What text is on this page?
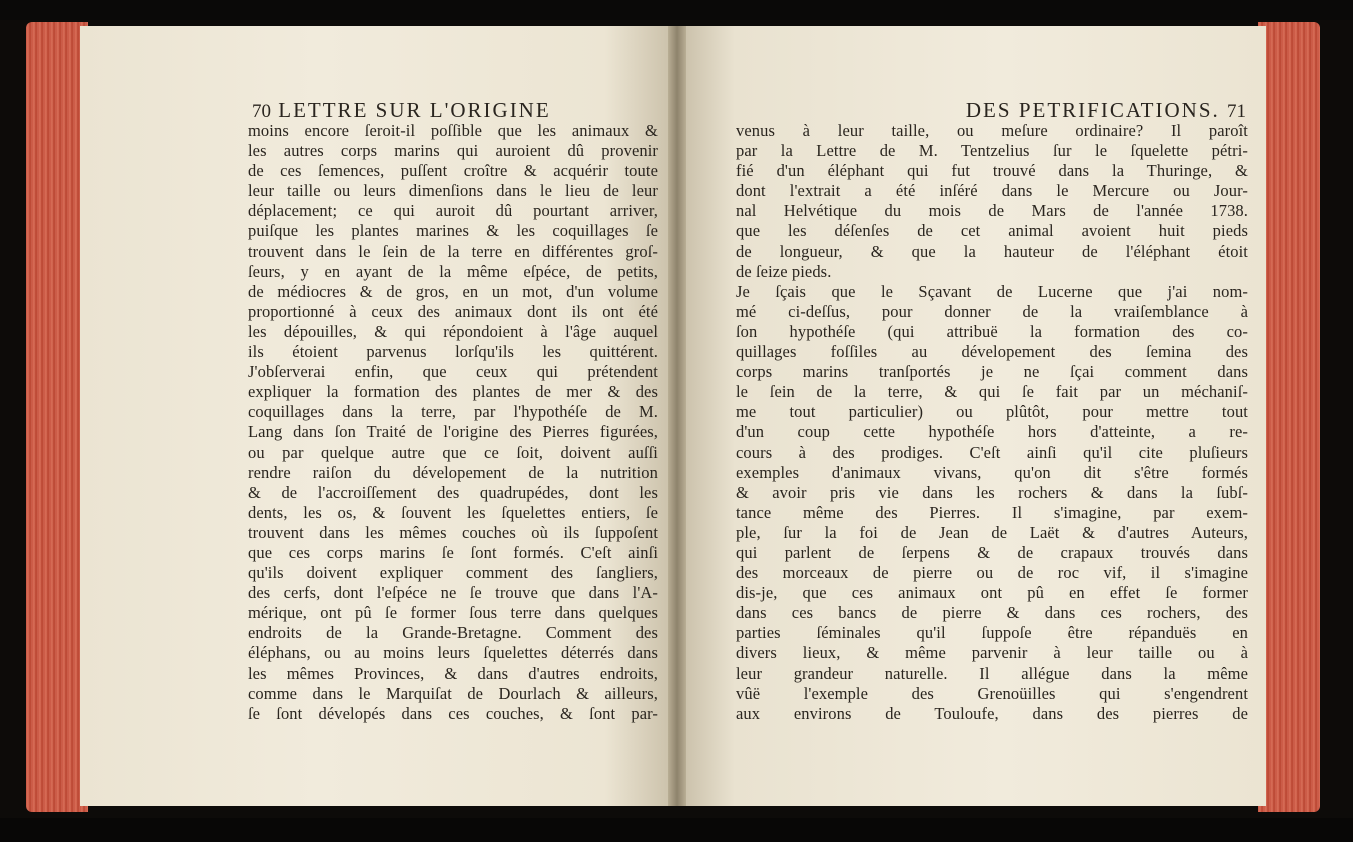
70 LETTRE SUR L'ORIGINE
moins encore ſeroit-il poſſible que les animaux &
les autres corps marins qui auroient dû provenir
de ces ſemences, puſſent croître & acquérir toute
leur taille ou leurs dimenſions dans le lieu de leur
déplacement; ce qui auroit dû pourtant arriver,
puiſque les plantes marines & les coquillages ſe
trouvent dans le ſein de la terre en différentes groſ-
ſeurs, y en ayant de la même eſpéce, de petits,
de médiocres & de gros, en un mot, d'un volume
proportionné à ceux des animaux dont ils ont été
les dépouilles, & qui répondoient à l'âge auquel
ils étoient parvenus lorſqu'ils les quittérent.
J'obſerverai enfin, que ceux qui prétendent
expliquer la formation des plantes de mer & des
coquillages dans la terre, par l'hypothéſe de M.
Lang dans ſon Traité de l'origine des Pierres figurées,
ou par quelque autre que ce ſoit, doivent auſſi
rendre raiſon du dévelopement de la nutrition
& de l'accroiſſement des quadrupédes, dont les
dents, les os, & ſouvent les ſquelettes entiers, ſe
trouvent dans les mêmes couches où ils ſuppoſent
que ces corps marins ſe ſont formés. C'eſt ainſi
qu'ils doivent expliquer comment des ſangliers,
des cerfs, dont l'eſpéce ne ſe trouve que dans l'A-
mérique, ont pû ſe former ſous terre dans quelques
endroits de la Grande-Bretagne. Comment des
éléphans, ou au moins leurs ſquelettes déterrés dans
les mêmes Provinces, & dans d'autres endroits,
comme dans le Marquiſat de Dourlach & ailleurs,
ſe ſont dévelopés dans ces couches, & ſont par-
DES PETRIFICATIONS. 71
venus à leur taille, ou meſure ordinaire? Il paroît
par la Lettre de M. Tentzelius ſur le ſquelette pétri-
fié d'un éléphant qui fut trouvé dans la Thuringe, &
dont l'extrait a été inſéré dans le Mercure ou Jour-
nal Helvétique du mois de Mars de l'année 1738.
que les déſenſes de cet animal avoient huit pieds
de longueur, & que la hauteur de l'éléphant étoit
de ſeize pieds.
Je ſçais que le Sçavant de Lucerne que j'ai nom-
mé ci-deſſus, pour donner de la vraiſemblance à
ſon hypothéſe (qui attribuë la formation des co-
quillages foſſiles au dévelopement des ſemina des
corps marins tranſportés je ne ſçai comment dans
le ſein de la terre, & qui ſe fait par un méchaniſ-
me tout particulier) ou plûtôt, pour mettre tout
d'un coup cette hypothéſe hors d'atteinte, a re-
cours à des prodiges. C'eſt ainſi qu'il cite pluſieurs
exemples d'animaux vivans, qu'on dit s'être formés
& avoir pris vie dans les rochers & dans la ſubſ-
tance même des Pierres. Il s'imagine, par exem-
ple, ſur la foi de Jean de Laët & d'autres Auteurs,
qui parlent de ſerpens & de crapaux trouvés dans
des morceaux de pierre ou de roc vif, il s'imagine
dis-je, que ces animaux ont pû en effet ſe former
dans ces bancs de pierre & dans ces rochers, des
parties ſéminales qu'il ſuppoſe être répanduës en
divers lieux, & même parvenir à leur taille ou à
leur grandeur naturelle. Il allégue dans la même
vûë l'exemple des Grenoüilles qui s'engendrent
aux environs de Touloufe, dans des pierres de
